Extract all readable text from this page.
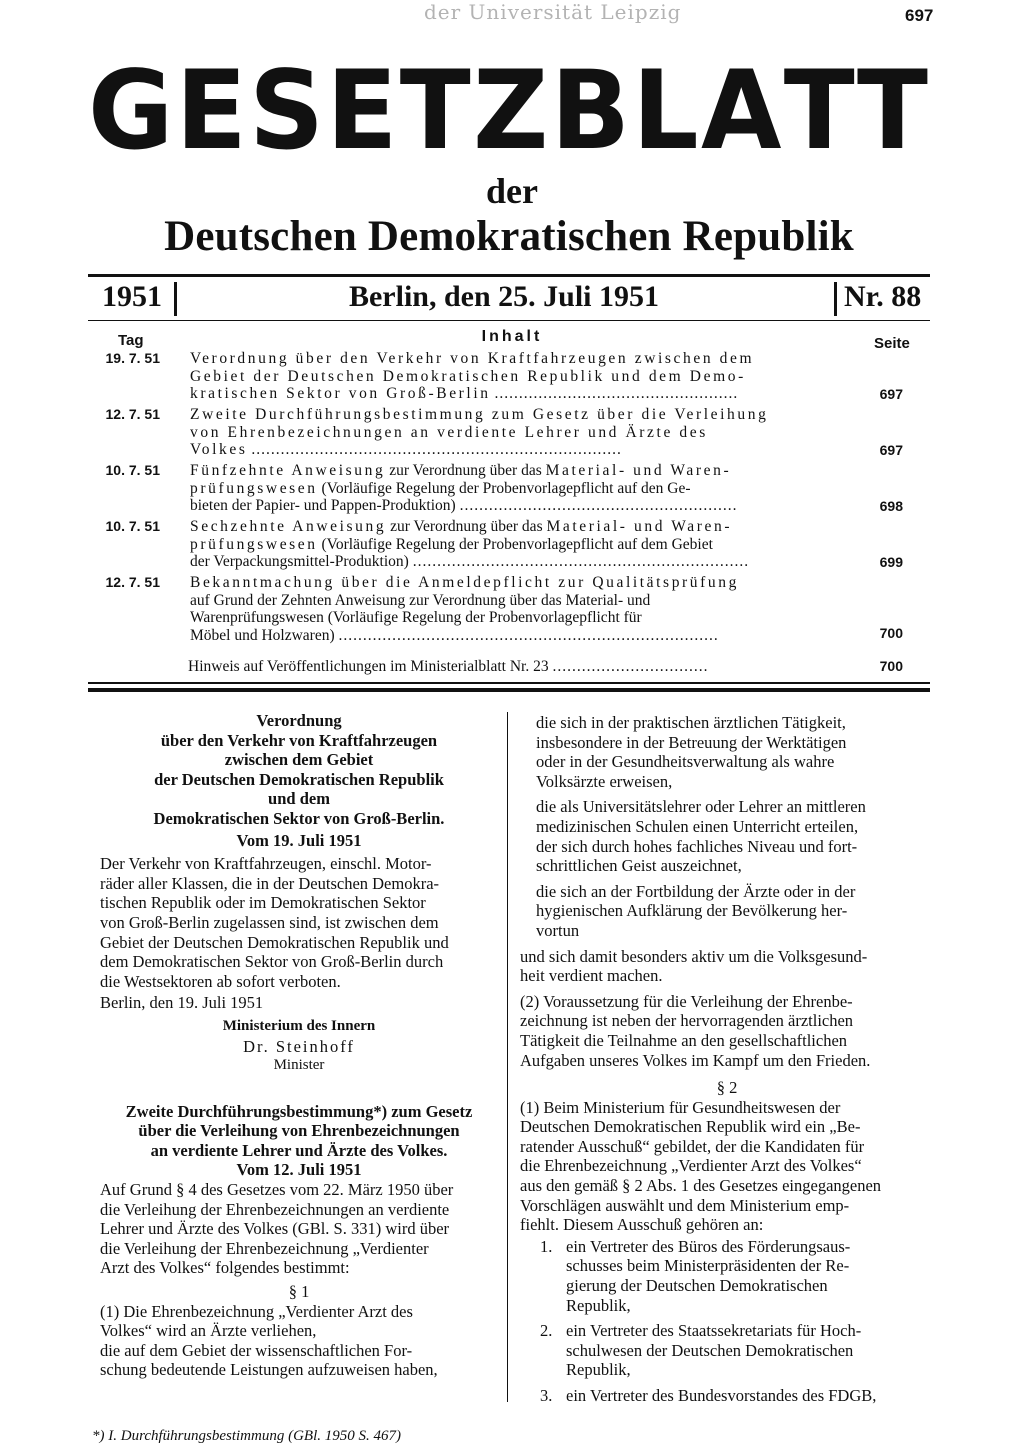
der Universität Leipzig	697
G E S E T Z B L A T T
der
Deutschen Demokratischen Republik
1951	Berlin, den 25. Juli 1951	Nr. 88
Tag	Inhalt	Seite
19. 7. 51 Verordnung über den Verkehr von Kraftfahrzeugen zwischen dem
Gebiet der Deutschen Demokratischen Republik und dem Demo-
kratischen Sektor von Groß-Berlin ..................................................	697
12. 7. 51 Zweite Durchführungsbestimmung zum Gesetz über die Verleihung
von Ehrenbezeichnungen an verdiente Lehrer und Ärzte des
Volkes ............................................................................	697
10. 7. 51 Fünfzehnte Anweisung zur Verordnung über das Material- und Waren-
prüfungswesen (Vorläufige Regelung der Probenvorlagepflicht auf den Ge-
bieten der Papier- und Pappen-Produktion) .........................................................	698
10. 7. 51 Sechzehnte Anweisung zur Verordnung über das Material- und Waren-
prüfungswesen (Vorläufige Regelung der Probenvorlagepflicht auf dem Gebiet
der Verpackungsmittel-Produktion) .....................................................................	699
12. 7. 51 Bekanntmachung über die Anmeldepflicht zur Qualitätsprüfung
auf Grund der Zehnten Anweisung zur Verordnung über das Material- und
Warenprüfungswesen (Vorläufige Regelung der Probenvorlagepflicht für
Möbel und Holzwaren) ..............................................................................	700
Hinweis auf Veröffentlichungen im Ministerialblatt Nr. 23 ................................	700
Verordnung
über den Verkehr von Kraftfahrzeugen
zwischen dem Gebiet
der Deutschen Demokratischen Republik
und dem
Demokratischen Sektor von Groß-Berlin.
Vom 19. Juli 1951
Der Verkehr von Kraftfahrzeugen, einschl. Motor-
räder aller Klassen, die in der Deutschen Demokra-
tischen Republik oder im Demokratischen Sektor
von Groß-Berlin zugelassen sind, ist zwischen dem
Gebiet der Deutschen Demokratischen Republik und
dem Demokratischen Sektor von Groß-Berlin durch
die Westsektoren ab sofort verboten.
Berlin, den 19. Juli 1951
Ministerium des Innern
Dr. Steinhoff
Minister
Zweite Durchführungsbestimmung*) zum Gesetz
über die Verleihung von Ehrenbezeichnungen
an verdiente Lehrer und Ärzte des Volkes.
Vom 12. Juli 1951
Auf Grund § 4 des Gesetzes vom 22. März 1950 über
die Verleihung der Ehrenbezeichnungen an verdiente
Lehrer und Ärzte des Volkes (GBl. S. 331) wird über
die Verleihung der Ehrenbezeichnung „Verdienter
Arzt des Volkes“ folgendes bestimmt:
§ 1
(1) Die Ehrenbezeichnung „Verdienter Arzt des
Volkes“ wird an Ärzte verliehen,
die auf dem Gebiet der wissenschaftlichen For-
schung bedeutende Leistungen aufzuweisen haben,
*) I. Durchführungsbestimmung (GBl. 1950 S. 467)
die sich in der praktischen ärztlichen Tätigkeit,
insbesondere in der Betreuung der Werktätigen
oder in der Gesundheitsverwaltung als wahre
Volksärzte erweisen,
die als Universitätslehrer oder Lehrer an mittleren
medizinischen Schulen einen Unterricht erteilen,
der sich durch hohes fachliches Niveau und fort-
schrittlichen Geist auszeichnet,
die sich an der Fortbildung der Ärzte oder in der
hygienischen Aufklärung der Bevölkerung her-
vortun
und sich damit besonders aktiv um die Volksgesund-
heit verdient machen.
(2) Voraussetzung für die Verleihung der Ehrenbe-
zeichnung ist neben der hervorragenden ärztlichen
Tätigkeit die Teilnahme an den gesellschaftlichen
Aufgaben unseres Volkes im Kampf um den Frieden.
§ 2
(1) Beim Ministerium für Gesundheitswesen der
Deutschen Demokratischen Republik wird ein „Be-
ratender Ausschuß“ gebildet, der die Kandidaten für
die Ehrenbezeichnung „Verdienter Arzt des Volkes“
aus den gemäß § 2 Abs. 1 des Gesetzes eingegangenen
Vorschlägen auswählt und dem Ministerium emp-
fiehlt. Diesem Ausschuß gehören an:
1. ein Vertreter des Büros des Förderungsaus-
schusses beim Ministerpräsidenten der Re-
gierung der Deutschen Demokratischen
Republik,
2. ein Vertreter des Staatssekretariats für Hoch-
schulwesen der Deutschen Demokratischen
Republik,
3. ein Vertreter des Bundesvorstandes des FDGB,
